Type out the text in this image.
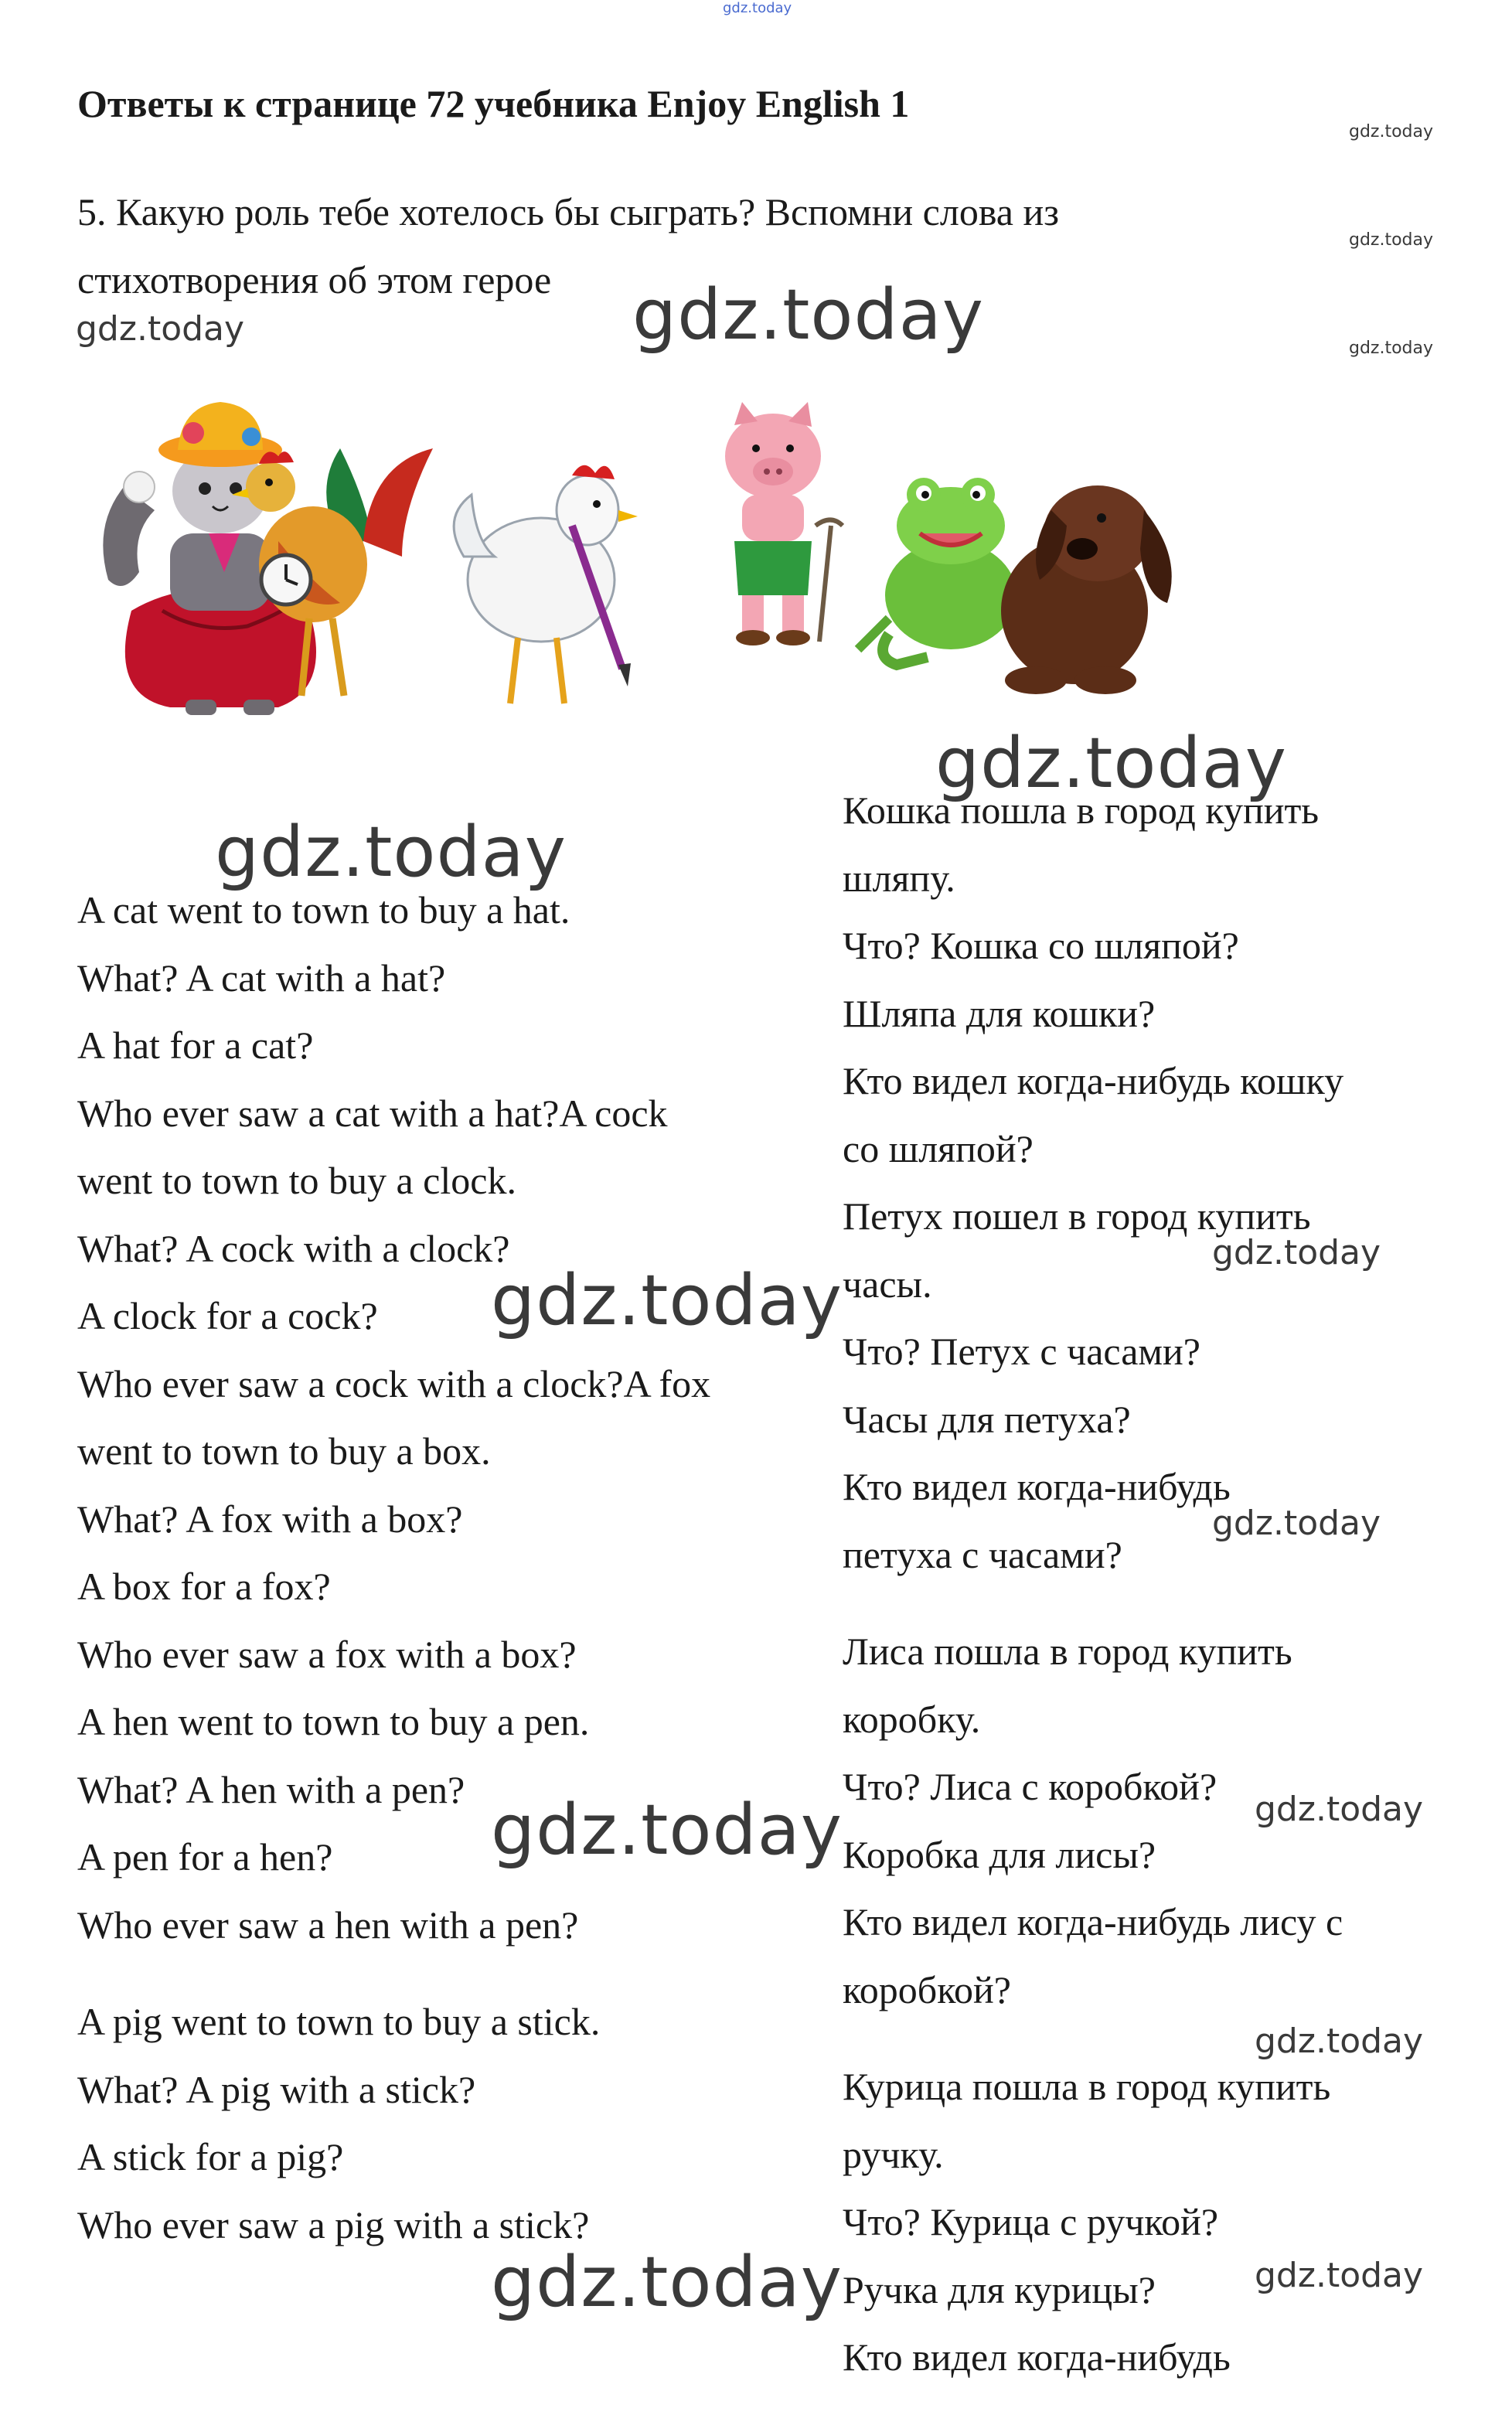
gdz.today
Ответы к странице 72 учебника Enjoy English 1
gdz.today
gdz.today
gdz.today
5. Какую роль тебе хотелось бы сыграть? Вспомни слова из
стихотворения об этом герое
gdz.today	gdz.today
gdz.today
gdz.today
gdz.today
gdz.today
gdz.today
gdz.today
gdz.today
gdz.today
gdz.today
gdz.today
A cat went to town to buy a hat.
What? A cat with a hat?
A hat for a cat?
Who ever saw a cat with a hat?A cock
went to town to buy a clock.
What? A cock with a clock?
A clock for a cock?
Who ever saw a cock with a clock?A fox
went to town to buy a box.
What? A fox with a box?
A box for a fox?
Who ever saw a fox with a box?
A hen went to town to buy a pen.
What? A hen with a pen?
A pen for a hen?
Who ever saw a hen with a pen?
A pig went to town to buy a stick.
What? A pig with a stick?
A stick for a pig?
Who ever saw a pig with a stick?
Кошка пошла в город купить
шляпу.
Что? Кошка со шляпой?
Шляпа для кошки?
Кто видел когда-нибудь кошку
со шляпой?
Петух пошел в город купить
часы.
Что? Петух с часами?
Часы для петуха?
Кто видел когда-нибудь
петуха с часами?
Лиса пошла в город купить
коробку.
Что? Лиса с коробкой?
Коробка для лисы?
Кто видел когда-нибудь лису с
коробкой?
Курица пошла в город купить
ручку.
Что? Курица с ручкой?
Ручка для курицы?
Кто видел когда-нибудь
